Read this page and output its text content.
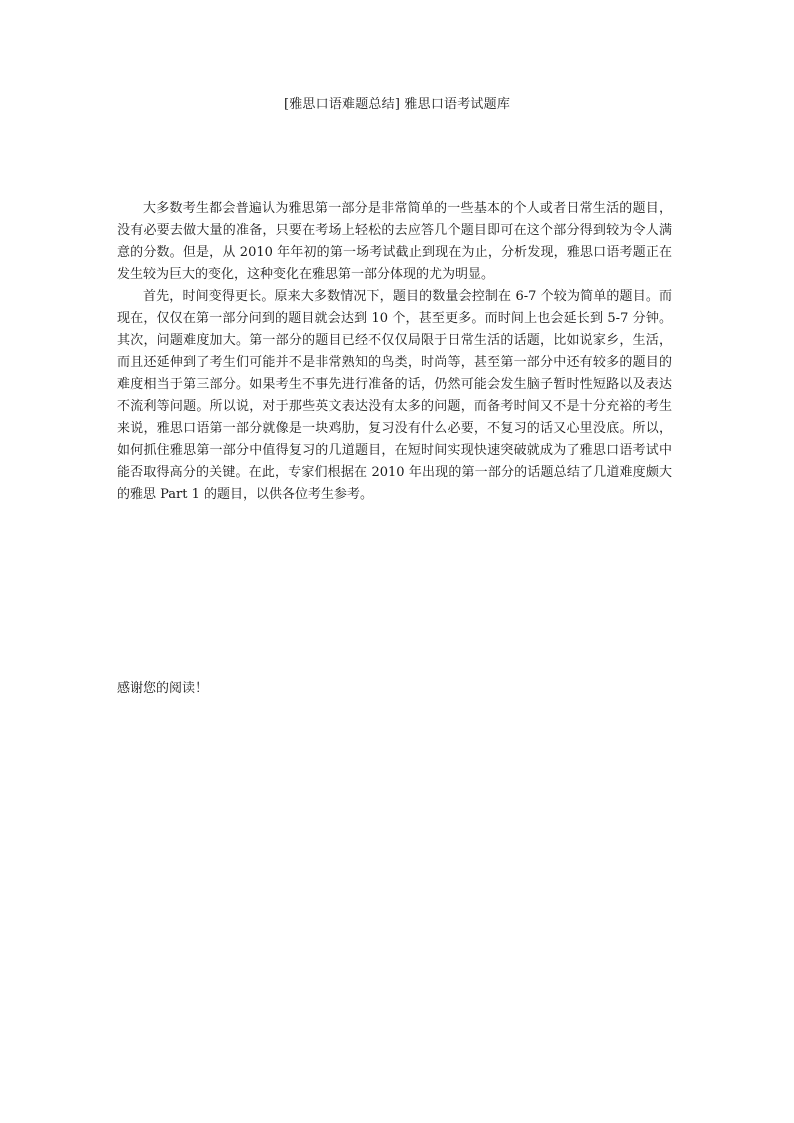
[雅思口语难题总结] 雅思口语考试题库

大多数考生都会普遍认为雅思第一部分是非常简单的一些基本的个人或者日常生活的题目，没有必要去做大量的准备，只要在考场上轻松的去应答几个题目即可在这个部分得到较为令人满意的分数。但是，从 2010 年年初的第一场考试截止到现在为止，分析发现，雅思口语考题正在发生较为巨大的变化，这种变化在雅思第一部分体现的尤为明显。

首先，时间变得更长。原来大多数情况下，题目的数量会控制在 6-7 个较为简单的题目。而现在，仅仅在第一部分问到的题目就会达到 10 个，甚至更多。而时间上也会延长到 5-7 分钟。其次，问题难度加大。第一部分的题目已经不仅仅局限于日常生活的话题，比如说家乡，生活，而且还延伸到了考生们可能并不是非常熟知的鸟类，时尚等，甚至第一部分中还有较多的题目的难度相当于第三部分。如果考生不事先进行准备的话，仍然可能会发生脑子暂时性短路以及表达不流利等问题。所以说，对于那些英文表达没有太多的问题，而备考时间又不是十分充裕的考生来说，雅思口语第一部分就像是一块鸡肋，复习没有什么必要，不复习的话又心里没底。所以，如何抓住雅思第一部分中值得复习的几道题目，在短时间实现快速突破就成为了雅思口语考试中能否取得高分的关键。在此，专家们根据在 2010 年出现的第一部分的话题总结了几道难度颇大的雅思 Part 1 的题目，以供各位考生参考。

感谢您的阅读！
